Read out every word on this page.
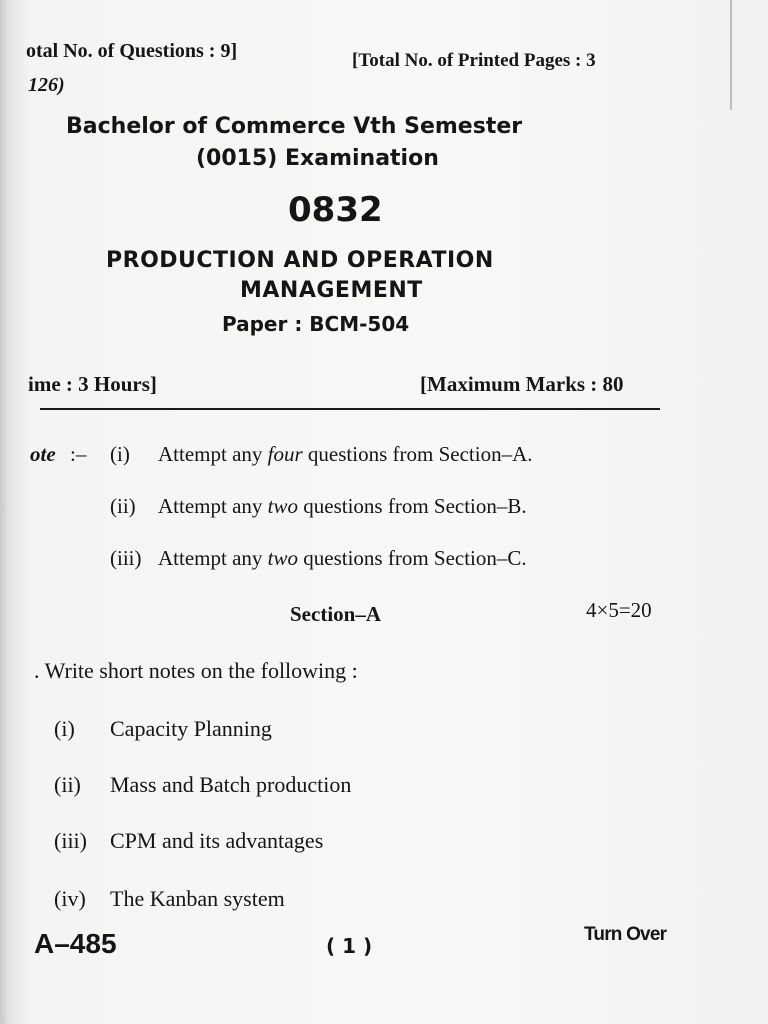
otal No. of Questions : 9]	[Total No. of Printed Pages : 3
126)
Bachelor of Commerce Vth Semester
(0015) Examination
0832
PRODUCTION AND OPERATION
MANAGEMENT
Paper : BCM-504
ime : 3 Hours]	[Maximum Marks : 80
ote :– (i) Attempt any four questions from Section–A.
(ii) Attempt any two questions from Section–B.
(iii) Attempt any two questions from Section–C.
Section–A	4×5=20
. Write short notes on the following :
(i) Capacity Planning
(ii) Mass and Batch production
(iii) CPM and its advantages
(iv) The Kanban system
A–485	( 1 )	Turn Over
